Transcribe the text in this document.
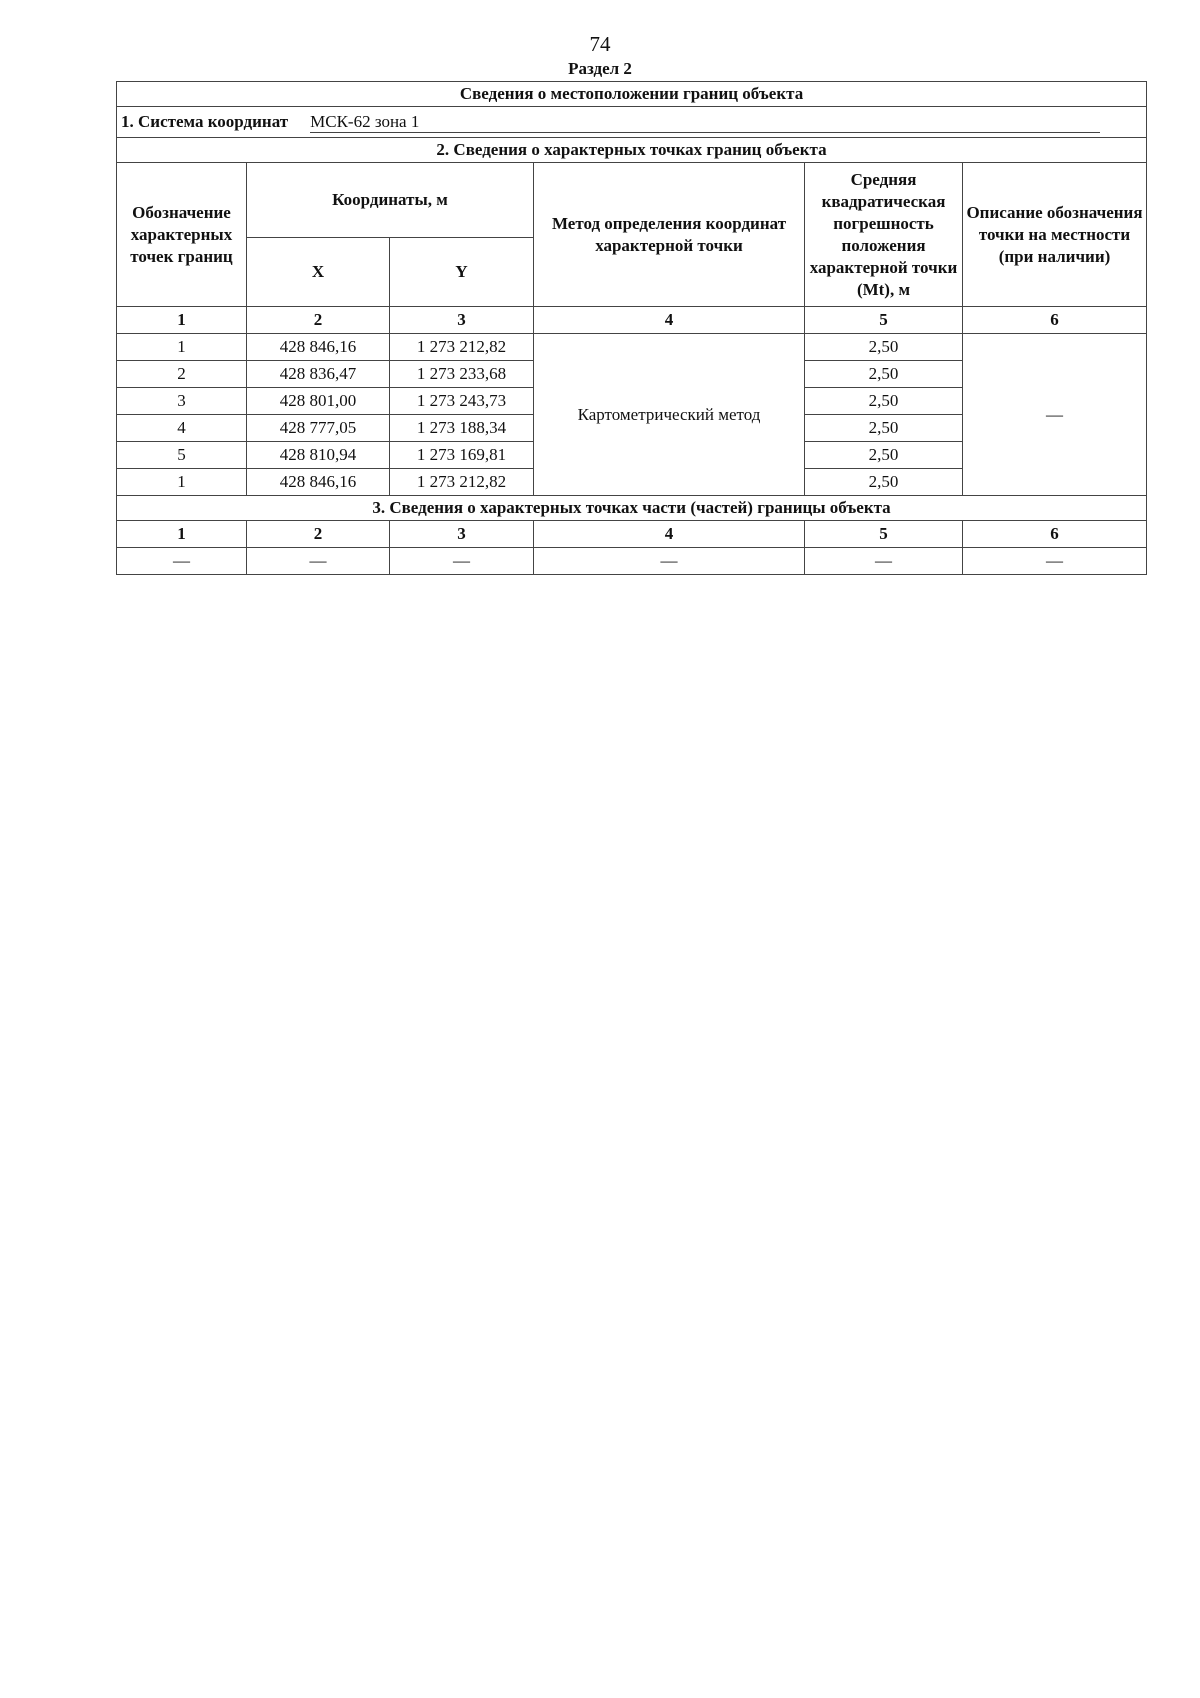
74
Раздел 2
Сведения о местоположении границ объекта					
1. Система координат МСК-62 зона 1					
2. Сведения о характерных точках границ объекта					
Обозначение характерных точек границ	Координаты, м		Метод определения координат характерной точки	Средняя квадратическая погрешность положения характерной точки (Mt), м	Описание обозначения точки на местности (при наличии)
	X	Y			
1	2	3	4	5	6
1	428 846,16	1 273 212,82	Картометрический метод	2,50	—
2	428 836,47	1 273 233,68		2,50	
3	428 801,00	1 273 243,73		2,50	
4	428 777,05	1 273 188,34		2,50	
5	428 810,94	1 273 169,81		2,50	
1	428 846,16	1 273 212,82		2,50	
3. Сведения о характерных точках части (частей) границы объекта					
1	2	3	4	5	6
—	—	—	—	—	—
